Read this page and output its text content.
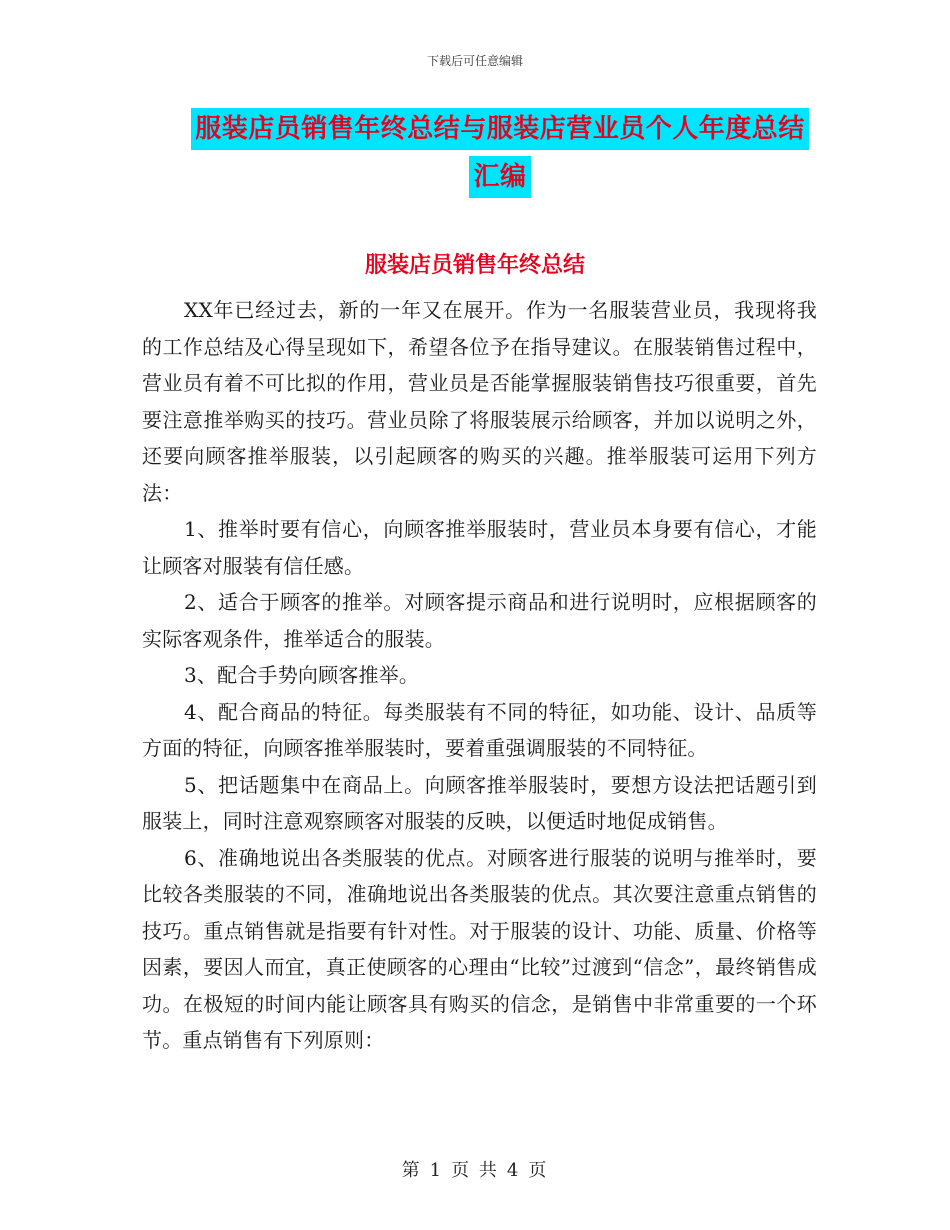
下载后可任意编辑
服装店员销售年终总结与服装店营业员个人年度总结
汇编
服装店员销售年终总结

XX年已经过去，新的一年又在展开。作为一名服装营业员，我现将我的工作总结及心得呈现如下，希望各位予在指导建议。在服装销售过程中，营业员有着不可比拟的作用，营业员是否能掌握服装销售技巧很重要，首先要注意推举购买的技巧。营业员除了将服装展示给顾客，并加以说明之外，还要向顾客推举服装，以引起顾客的购买的兴趣。推举服装可运用下列方法：

1、推举时要有信心，向顾客推举服装时，营业员本身要有信心，才能让顾客对服装有信任感。

2、适合于顾客的推举。对顾客提示商品和进行说明时，应根据顾客的实际客观条件，推举适合的服装。

3、配合手势向顾客推举。

4、配合商品的特征。每类服装有不同的特征，如功能、设计、品质等方面的特征，向顾客推举服装时，要着重强调服装的不同特征。

5、把话题集中在商品上。向顾客推举服装时，要想方设法把话题引到服装上，同时注意观察顾客对服装的反映，以便适时地促成销售。

6、准确地说出各类服装的优点。对顾客进行服装的说明与推举时，要比较各类服装的不同，准确地说出各类服装的优点。其次要注意重点销售的技巧。重点销售就是指要有针对性。对于服装的设计、功能、质量、价格等因素，要因人而宜，真正使顾客的心理由“比较”过渡到“信念”，最终销售成功。在极短的时间内能让顾客具有购买的信念，是销售中非常重要的一个环节。重点销售有下列原则：

第 1 页 共 4 页
